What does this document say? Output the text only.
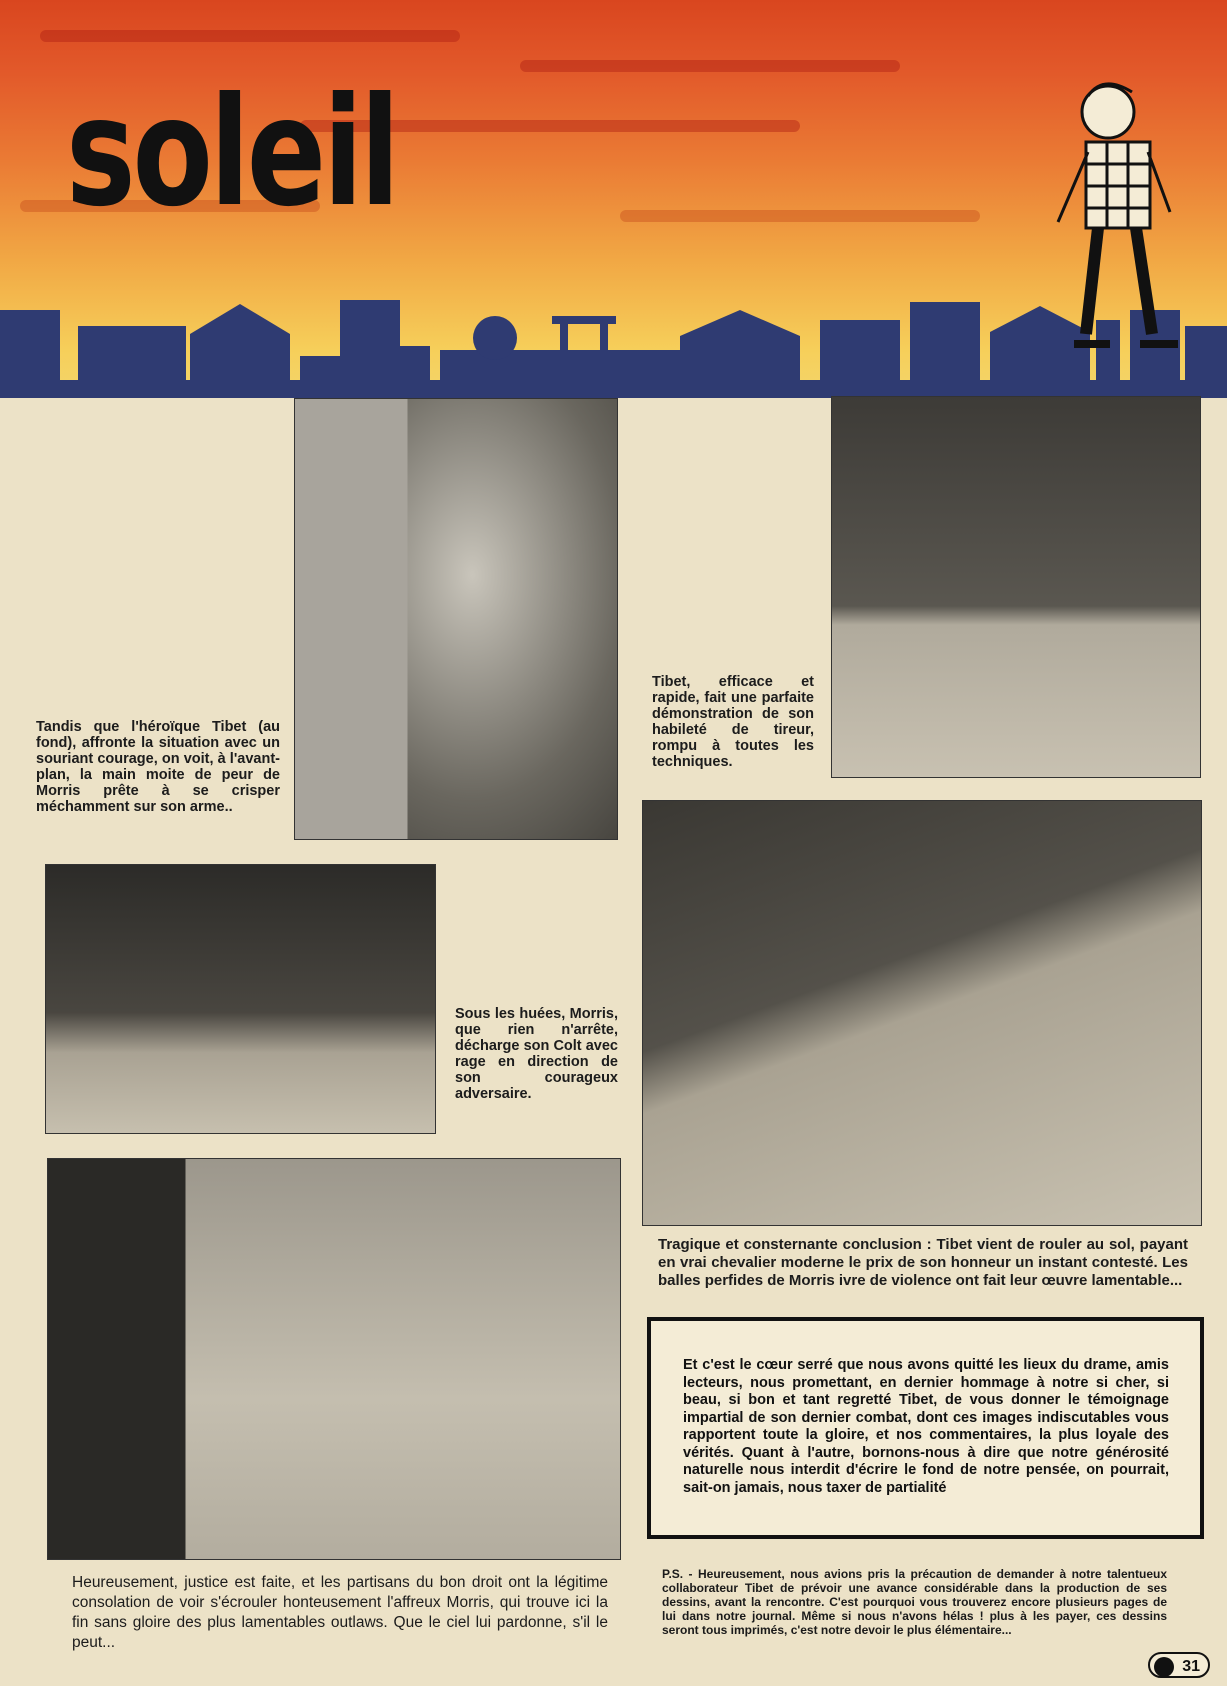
soleil
Tandis que l'héroïque Tibet (au fond), affronte la situation avec un souriant courage, on voit, à l'avant-plan, la main moite de peur de Morris prête à se crisper méchamment sur son arme..
Tibet, efficace et rapide, fait une parfaite démonstration de son habileté de tireur, rompu à toutes les techniques.
Sous les huées, Morris, que rien n'arrête, décharge son Colt avec rage en direction de son courageux adversaire.
Tragique et consternante conclusion : Tibet vient de rouler au sol, payant en vrai chevalier moderne le prix de son honneur un instant contesté. Les balles perfides de Morris ivre de violence ont fait leur œuvre lamentable...
Heureusement, justice est faite, et les partisans du bon droit ont la légitime consolation de voir s'écrouler honteusement l'affreux Morris, qui trouve ici la fin sans gloire des plus lamentables outlaws. Que le ciel lui pardonne, s'il le peut...

Et c'est le cœur serré que nous avons quitté les lieux du drame, amis lecteurs, nous promettant, en dernier hommage à notre si cher, si beau, si bon et tant regretté Tibet, de vous donner le témoignage impartial de son dernier combat, dont ces images indiscutables vous rapportent toute la gloire, et nos commentaires, la plus loyale des vérités. Quant à l'autre, bornons-nous à dire que notre générosité naturelle nous interdit d'écrire le fond de notre pensée, on pourrait, sait-on jamais, nous taxer de partialité

P.S. - Heureusement, nous avions pris la précaution de demander à notre talentueux collaborateur Tibet de prévoir une avance considérable dans la production de ses dessins, avant la rencontre. C'est pourquoi vous trouverez encore plusieurs pages de lui dans notre journal. Même si nous n'avons hélas ! plus à les payer, ces dessins seront tous imprimés, c'est notre devoir le plus élémentaire...

31
